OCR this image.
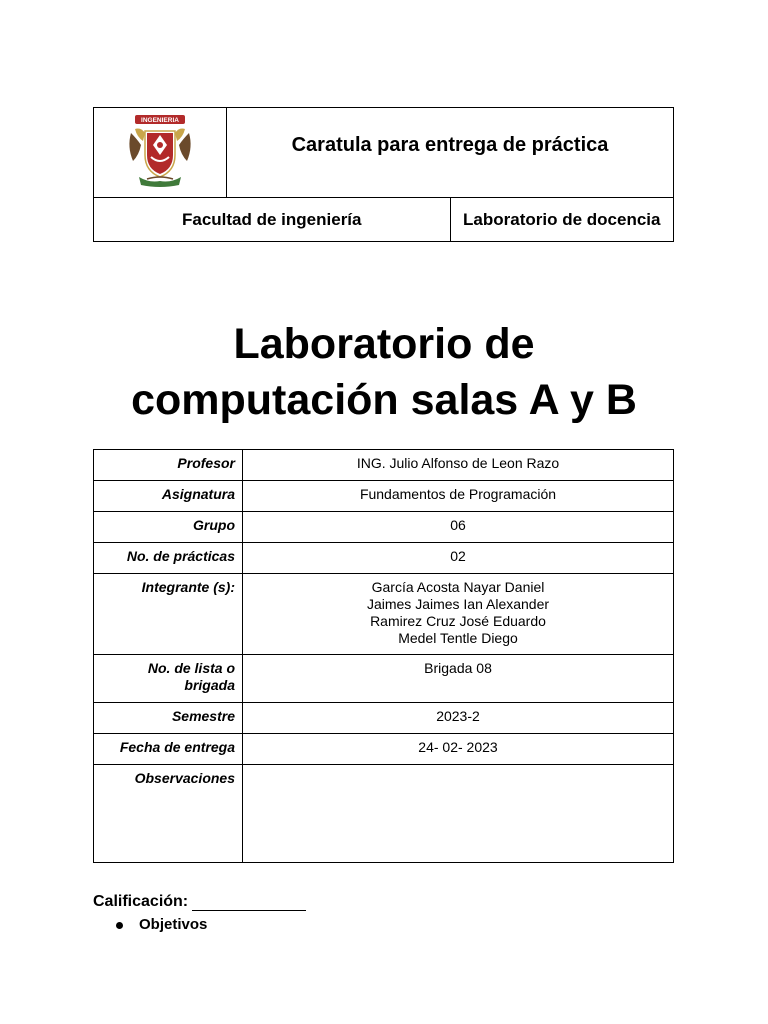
INGENIERIA	Caratula para entrega de práctica	
Facultad de ingeniería		Laboratorio de docencia
Laboratorio de
computación salas A y B
Profesor	ING. Julio Alfonso de Leon Razo
Asignatura	Fundamentos de Programación
Grupo	06
No. de prácticas	02
Integrante (s):	García Acosta Nayar Daniel
Jaimes Jaimes Ian Alexander
Ramirez Cruz José Eduardo
Medel Tentle Diego

No. de lista o
brigada	Brigada 08
Semestre	2023-2
Fecha de entrega	24- 02- 2023
Observaciones	
Calificación:
Objetivos
